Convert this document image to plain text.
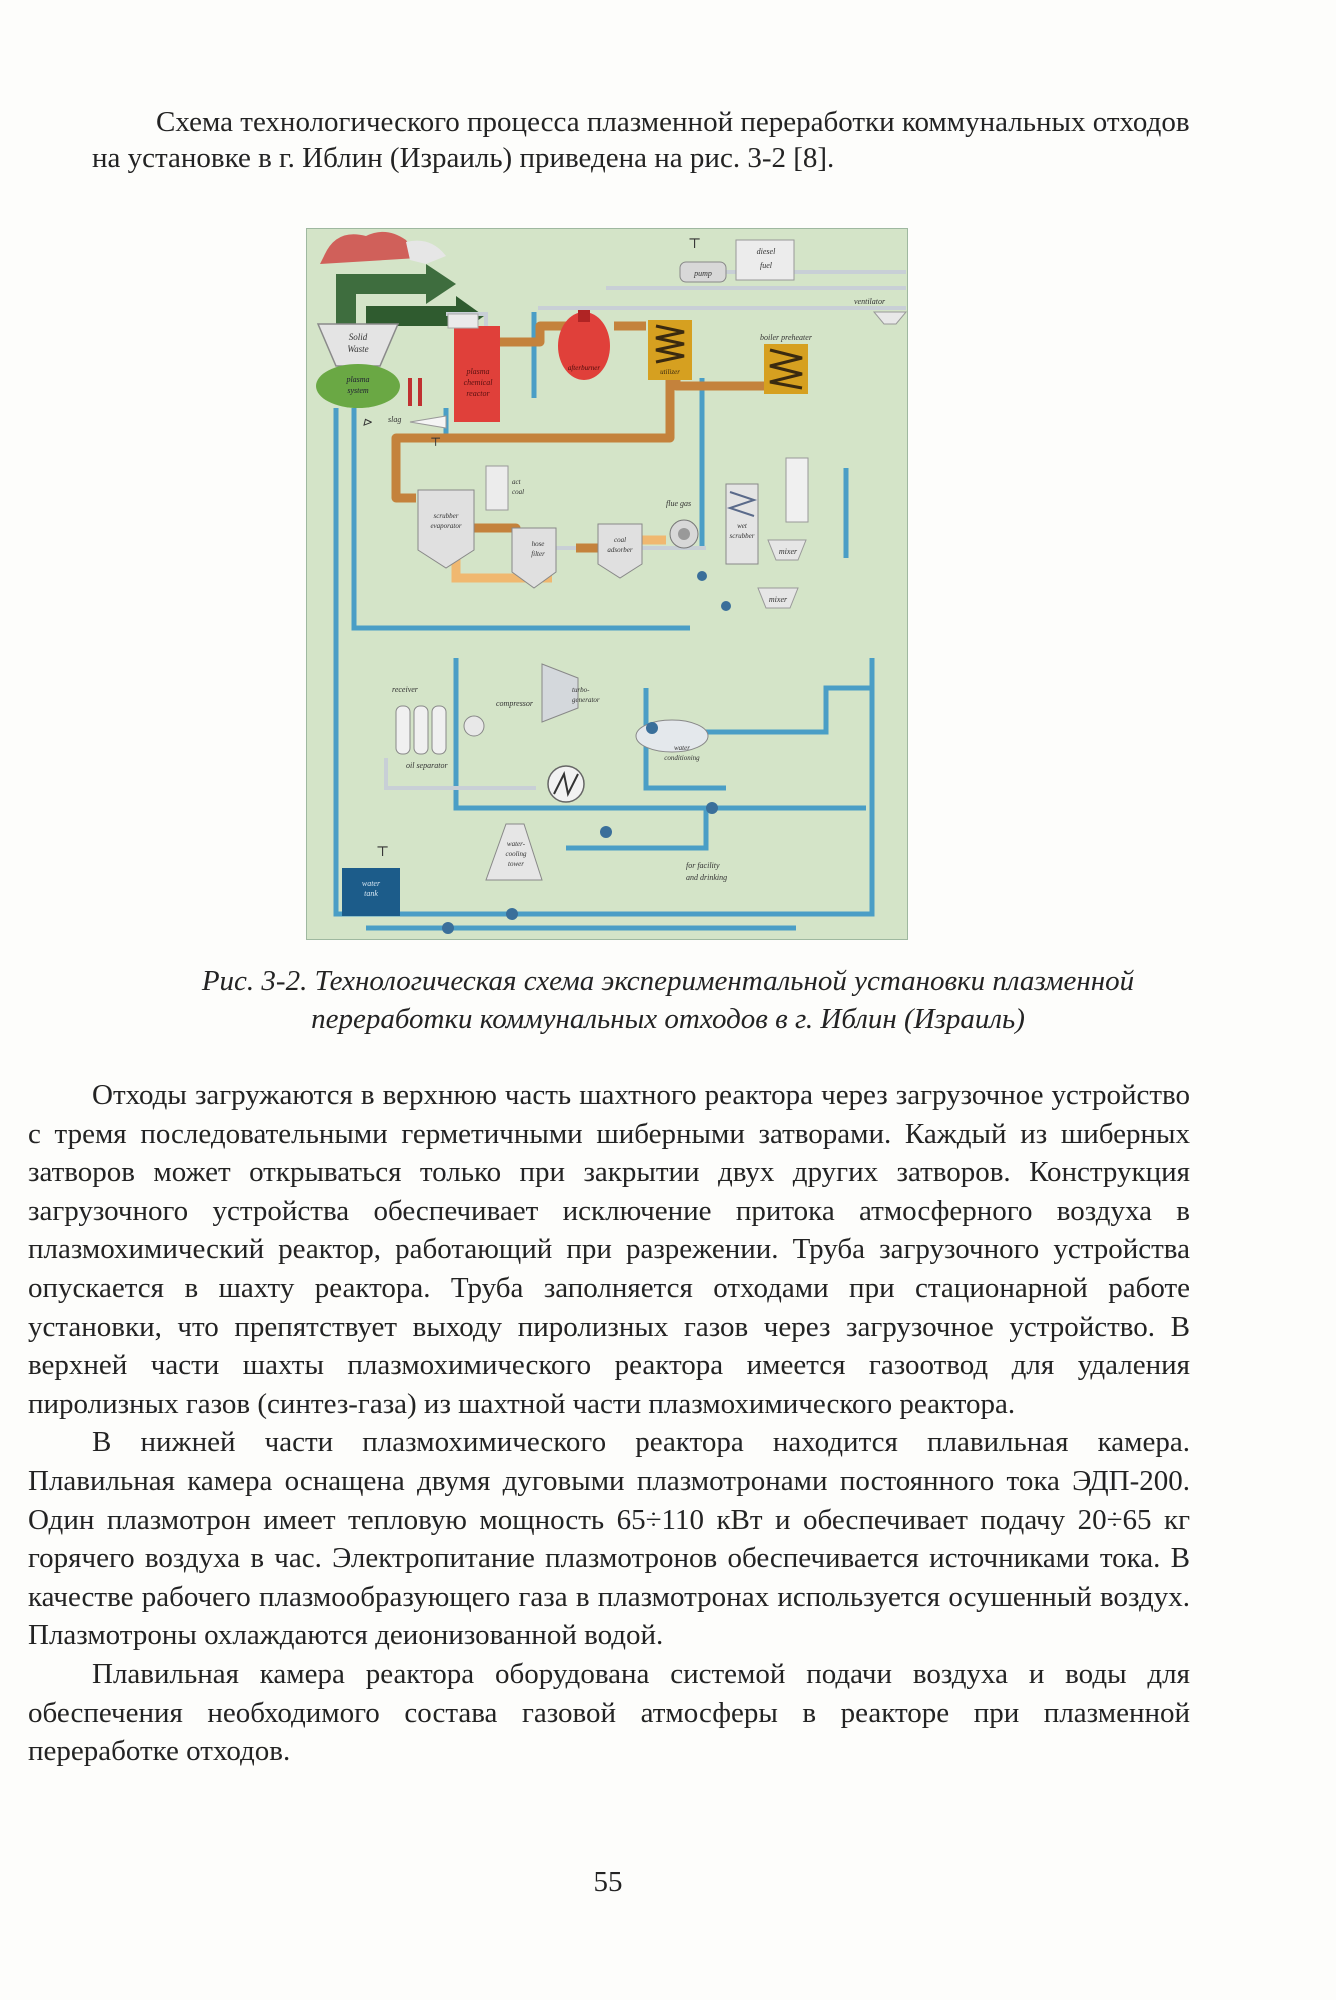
Схема технологического процесса плазменной переработки коммунальных отходов на установке в г. Иблин (Израиль) приведена на рис. 3-2 [8].

Solid
Waste
plasma
system
plasma
chemical
reactor
slag
⊳
⊤
afterburner	utilizer
pump
⊤	diesel
fuel
ventilator
boiler preheater
scrubber
evaporator
act
coal
hose
filter
coal
adsorber
flue gas
wet
scrubber
mixer
mixer
receiver
oil separator
compressor
turbo-
generator
water
conditioning
water
tank
⊤
water-
cooling
tower	for facility
and drinking

Рис. 3-2. Технологическая схема экспериментальной установки плазменной
переработки коммунальных отходов в г. Иблин (Израиль)

Отходы загружаются в верхнюю часть шахтного реактора через загрузочное устройство с тремя последовательными герметичными шиберными затворами. Каждый из шиберных затворов может открываться только при закрытии двух других затворов. Конструкция загрузочного устройства обеспечивает исключение притока атмосферного воздуха в плазмохимический реактор, работающий при разрежении. Труба загрузочного устройства опускается в шахту реактора. Труба заполняется отходами при стационарной работе установки, что препятствует выходу пиролизных газов через загрузочное устройство. В верхней части шахты плазмохимического реактора имеется газоотвод для удаления пиролизных газов (синтез-газа) из шахтной части плазмохимического реактора.

В нижней части плазмохимического реактора находится плавильная камера. Плавильная камера оснащена двумя дуговыми плазмотронами постоянного тока ЭДП-200. Один плазмотрон имеет тепловую мощность 65÷110 кВт и обеспечивает подачу 20÷65 кг горячего воздуха в час. Электропитание плазмотронов обеспечивается источниками тока. В качестве рабочего плазмообразующего газа в плазмотронах используется осушенный воздух. Плазмотроны охлаждаются деионизованной водой.

Плавильная камера реактора оборудована системой подачи воздуха и воды для обеспечения необходимого состава газовой атмосферы в реакторе при плазменной переработке отходов.

55
